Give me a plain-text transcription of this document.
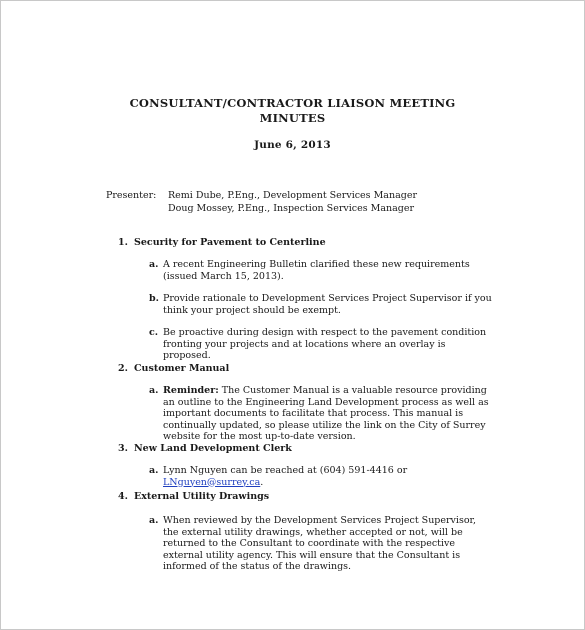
CONSULTANT/CONTRACTOR LIAISON MEETING
MINUTES
June 6, 2013
Presenter: Remi Dube, P.Eng., Development Services Manager
Doug Mossey, P.Eng., Inspection Services Manager
1. Security for Pavement to Centerline
a. A recent Engineering Bulletin clarified these new requirements (issued March 15, 2013).
b. Provide rationale to Development Services Project Supervisor if you think your project should be exempt.
c. Be proactive during design with respect to the pavement condition fronting your projects and at locations where an overlay is proposed.
2. Customer Manual
a. Reminder: The Customer Manual is a valuable resource providing an outline to the Engineering Land Development process as well as important documents to facilitate that process. This manual is continually updated, so please utilize the link on the City of Surrey website for the most up-to-date version.
3. New Land Development Clerk
a. Lynn Nguyen can be reached at (604) 591-4416 or LNguyen@surrey.ca.
4. External Utility Drawings
a. When reviewed by the Development Services Project Supervisor, the external utility drawings, whether accepted or not, will be returned to the Consultant to coordinate with the respective external utility agency. This will ensure that the Consultant is informed of the status of the drawings.
